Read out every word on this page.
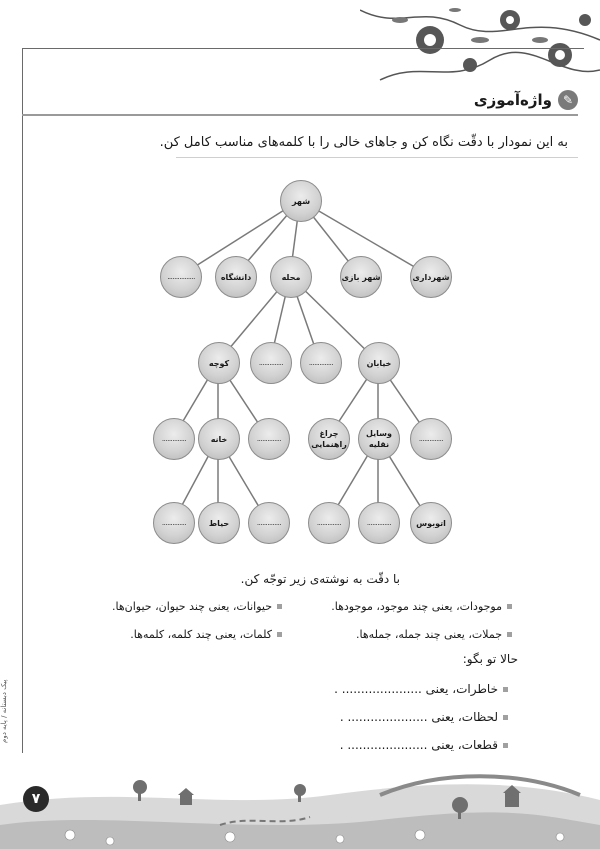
✎
واژه‌آموزی
به این نمودار با دقّت نگاه کن و جاهای خالی را با کلمه‌های مناسب کامل کن.
شهر
شهرداری
شهر بازی
محله
دانشگاه
................
خیابان
..............
..............
کوچه
..............
وسایل نقلیه
چراغ راهنمایی
..............
خانه
..............
اتوبوس
..............
..............
..............
حیاط
..............
با دقّت به نوشته‌ی زیر توجّه کن.
موجودات، یعنی چند موجود، موجودها.
حیوانات، یعنی چند حیوان، حیوان‌ها.
جملات، یعنی چند جمله، جمله‌ها.
کلمات، یعنی چند کلمه، کلمه‌ها.
حالا تو بگو:
خاطرات، یعنی ..................... .
لحظات، یعنی ..................... .
قطعات، یعنی ..................... .
پیک دبستانه / پایه دوم
۷
